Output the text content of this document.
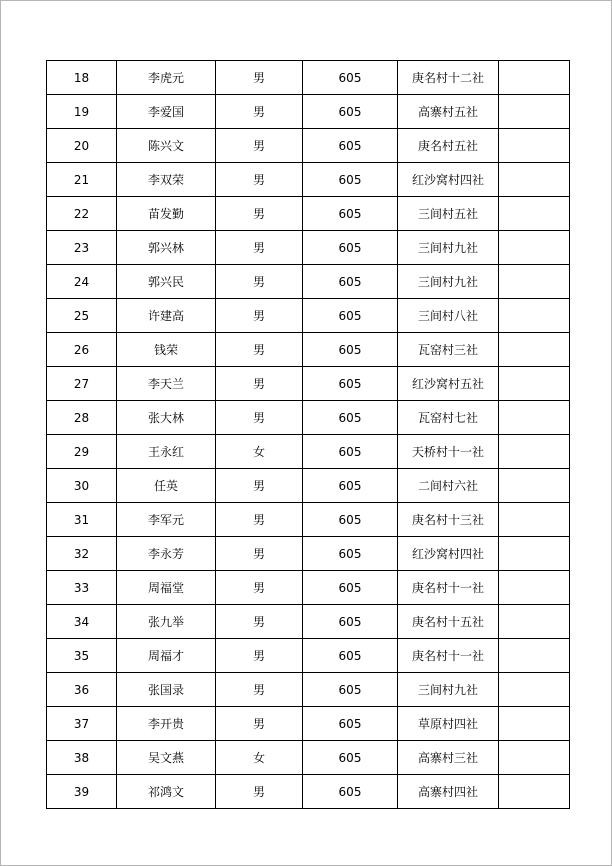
18	李虎元	男	605	庚名村十二社	
19	李爱国	男	605	高寨村五社	
20	陈兴文	男	605	庚名村五社	
21	李双荣	男	605	红沙窝村四社	
22	苗发勤	男	605	三间村五社	
23	郭兴林	男	605	三间村九社	
24	郭兴民	男	605	三间村九社	
25	许建高	男	605	三间村八社	
26	钱荣	男	605	瓦窑村三社	
27	李天兰	男	605	红沙窝村五社	
28	张大林	男	605	瓦窑村七社	
29	王永红	女	605	天桥村十一社	
30	任英	男	605	二间村六社	
31	李军元	男	605	庚名村十三社	
32	李永芳	男	605	红沙窝村四社	
33	周福堂	男	605	庚名村十一社	
34	张九举	男	605	庚名村十五社	
35	周福才	男	605	庚名村十一社	
36	张国录	男	605	三间村九社	
37	李开贵	男	605	草原村四社	
38	吴文燕	女	605	高寨村三社	
39	祁鸿文	男	605	高寨村四社	
